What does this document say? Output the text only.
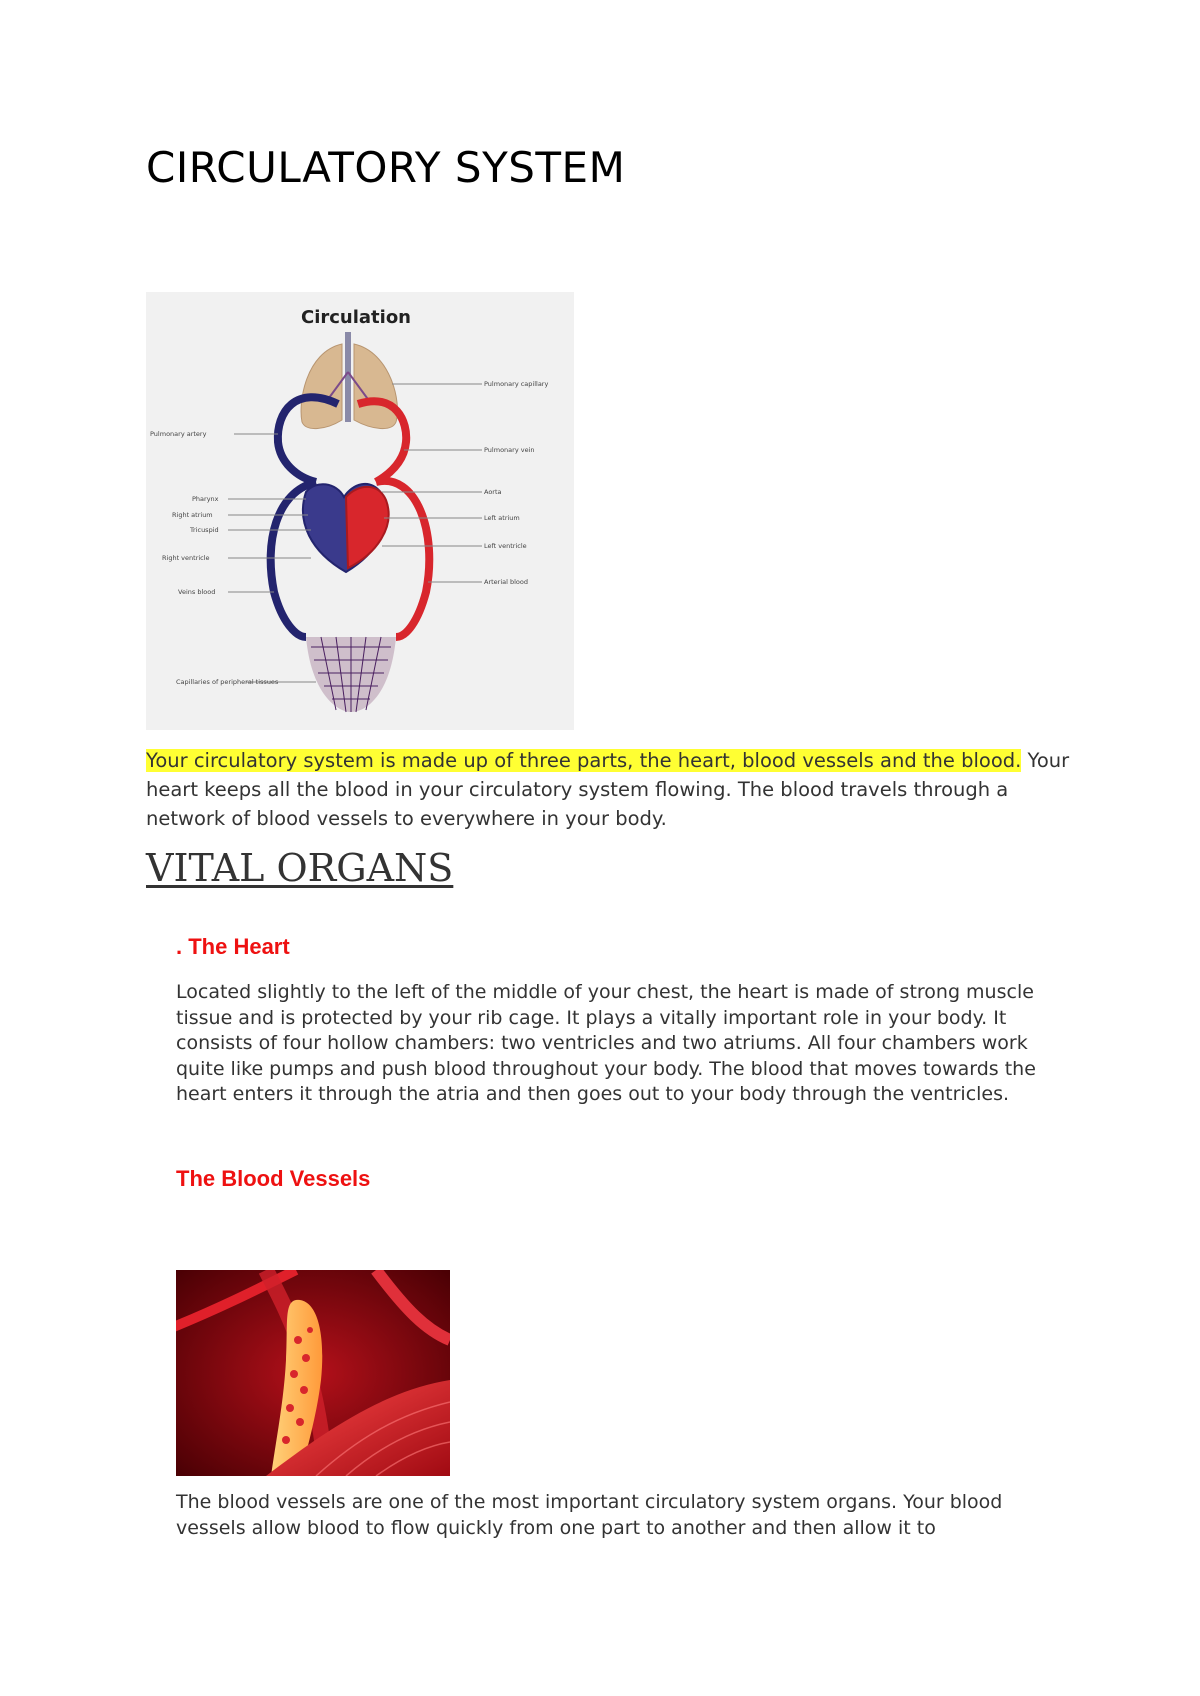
CIRCULATORY SYSTEM
Circulation
Pulmonary artery
Pharynx
Right atrium
Tricuspid
Right ventricle
Veins blood
Capillaries of peripheral tissues
Pulmonary capillary
Pulmonary vein
Aorta
Left atrium
Left ventricle
Arterial blood

Your circulatory system is made up of three parts, the heart, blood vessels and the blood. Your heart keeps all the blood in your circulatory system flowing. The blood travels through a network of blood vessels to everywhere in your body.

VITAL ORGANS
. The Heart

Located slightly to the left of the middle of your chest, the heart is made of strong muscle tissue and is protected by your rib cage. It plays a vitally important role in your body. It consists of four hollow chambers: two ventricles and two atriums. All four chambers work quite like pumps and push blood throughout your body. The blood that moves towards the heart enters it through the atria and then goes out to your body through the ventricles.

The Blood Vessels

The blood vessels are one of the most important circulatory system organs. Your blood vessels allow blood to flow quickly from one part to another and then allow it to
